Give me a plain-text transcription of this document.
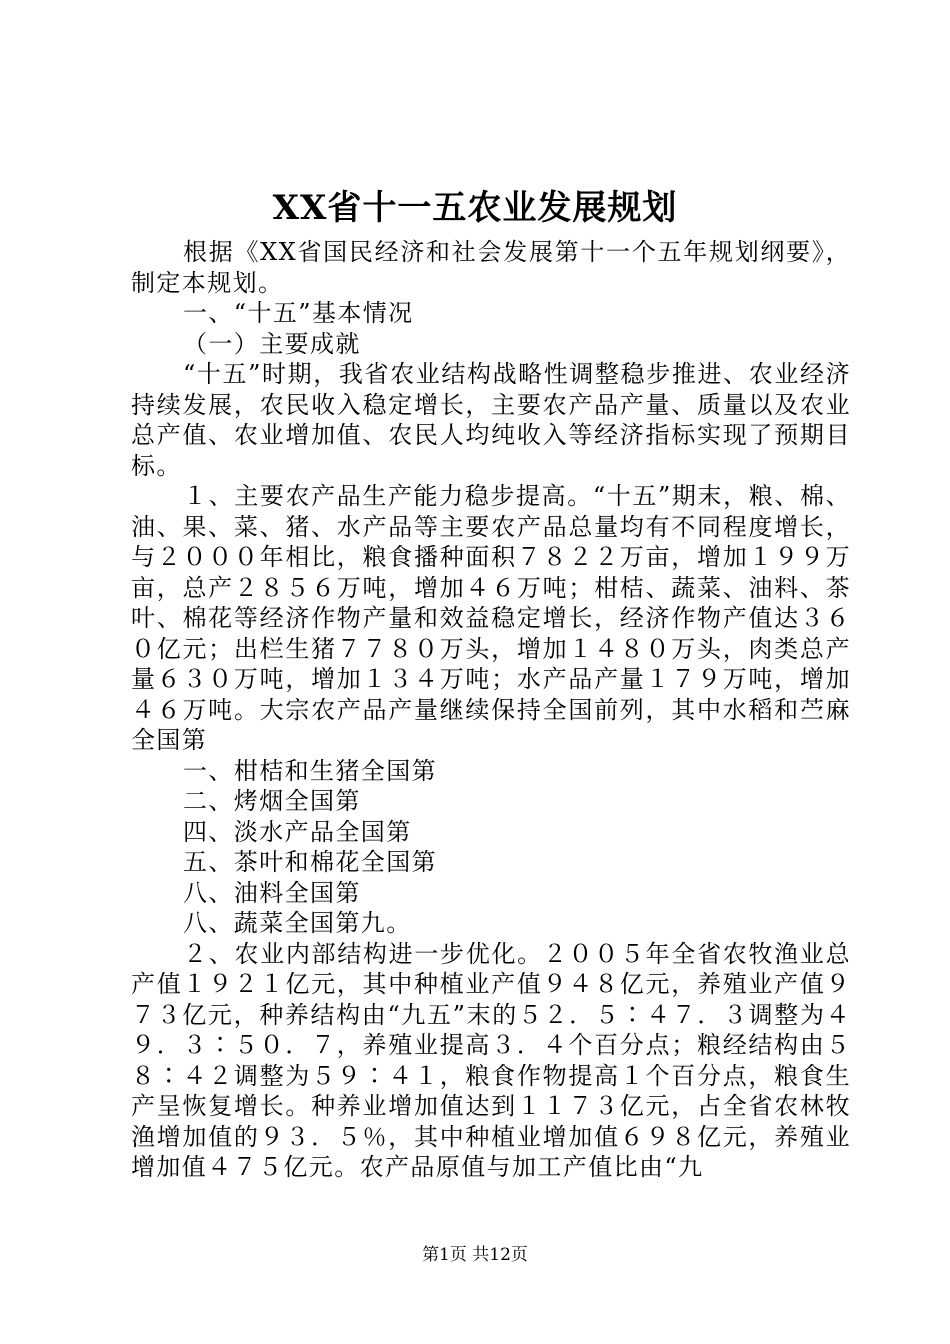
XX省十一五农业发展规划

根据《XX省国民经济和社会发展第十一个五年规划纲要》，制定本规划。

一、“十五”基本情况

（一）主要成就

“十五”时期，我省农业结构战略性调整稳步推进、农业经济持续发展，农民收入稳定增长，主要农产品产量、质量以及农业总产值、农业增加值、农民人均纯收入等经济指标实现了预期目标。

１、主要农产品生产能力稳步提高。“十五”期末，粮、棉、油、果、菜、猪、水产品等主要农产品总量均有不同程度增长，与２０００年相比，粮食播种面积７８２２万亩，增加１９９万亩，总产２８５６万吨，增加４６万吨；柑桔、蔬菜、油料、茶叶、棉花等经济作物产量和效益稳定增长，经济作物产值达３６０亿元；出栏生猪７７８０万头，增加１４８０万头，肉类总产量６３０万吨，增加１３４万吨；水产品产量１７９万吨，增加４６万吨。大宗农产品产量继续保持全国前列，其中水稻和苎麻全国第

一、柑桔和生猪全国第

二、烤烟全国第

四、淡水产品全国第

五、茶叶和棉花全国第

八、油料全国第

八、蔬菜全国第九。

２、农业内部结构进一步优化。２００５年全省农牧渔业总产值１９２１亿元，其中种植业产值９４８亿元，养殖业产值９７３亿元，种养结构由“九五”末的５２．５∶４７．３调整为４９．３∶５０．７，养殖业提高３．４个百分点；粮经结构由５８∶４２调整为５９∶４１，粮食作物提高１个百分点，粮食生产呈恢复增长。种养业增加值达到１１７３亿元，占全省农林牧渔增加值的９３．５％，其中种植业增加值６９８亿元，养殖业增加值４７５亿元。农产品原值与加工产值比由“九

第1页 共12页
